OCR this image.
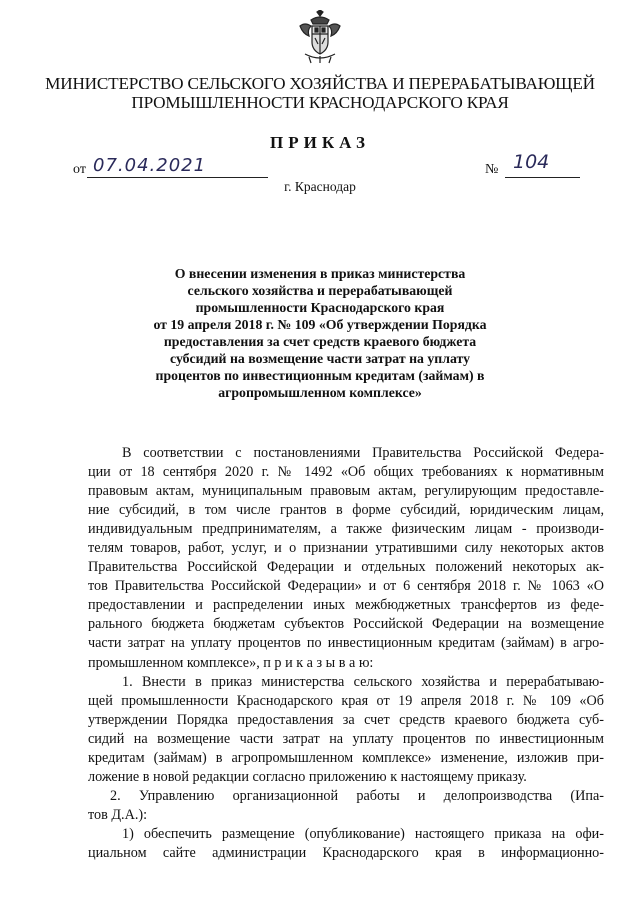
МИНИСТЕРСТВО СЕЛЬСКОГО ХОЗЯЙСТВА И ПЕРЕРАБАТЫВАЮЩЕЙ
ПРОМЫШЛЕННОСТИ КРАСНОДАРСКОГО КРАЯ
ПРИКАЗ
от 07.04.2021	№ 104
г. Краснодар
О внесении изменения в приказ министерства
сельского хозяйства и перерабатывающей
промышленности Краснодарского края
от 19 апреля 2018 г. № 109 «Об утверждении Порядка
предоставления за счет средств краевого бюджета
субсидий на возмещение части затрат на уплату
процентов по инвестиционным кредитам (займам) в
агропромышленном комплексе»
В соответствии с постановлениями Правительства Российской Федера-
ции от 18 сентября 2020 г. № 1492 «Об общих требованиях к нормативным
правовым актам, муниципальным правовым актам, регулирующим предоставле-
ние субсидий, в том числе грантов в форме субсидий, юридическим лицам,
индивидуальным предпринимателям, а также физическим лицам - производи-
телям товаров, работ, услуг, и о признании утратившими силу некоторых актов
Правительства Российской Федерации и отдельных положений некоторых ак-
тов Правительства Российской Федерации» и от 6 сентября 2018 г. № 1063 «О
предоставлении и распределении иных межбюджетных трансфертов из феде-
рального бюджета бюджетам субъектов Российской Федерации на возмещение
части затрат на уплату процентов по инвестиционным кредитам (займам) в агро-
промышленном комплексе», п р и к а з ы в а ю:
1. Внести в приказ министерства сельского хозяйства и перерабатываю-
щей промышленности Краснодарского края от 19 апреля 2018 г. № 109 «Об
утверждении Порядка предоставления за счет средств краевого бюджета суб-
сидий на возмещение части затрат на уплату процентов по инвестиционным
кредитам (займам) в агропромышленном комплексе» изменение, изложив при-
ложение в новой редакции согласно приложению к настоящему приказу.
2. Управлению организационной работы и делопроизводства (Ипа-
тов Д.А.):
1) обеспечить размещение (опубликование) настоящего приказа на офи-
циальном сайте администрации Краснодарского края в информационно-
